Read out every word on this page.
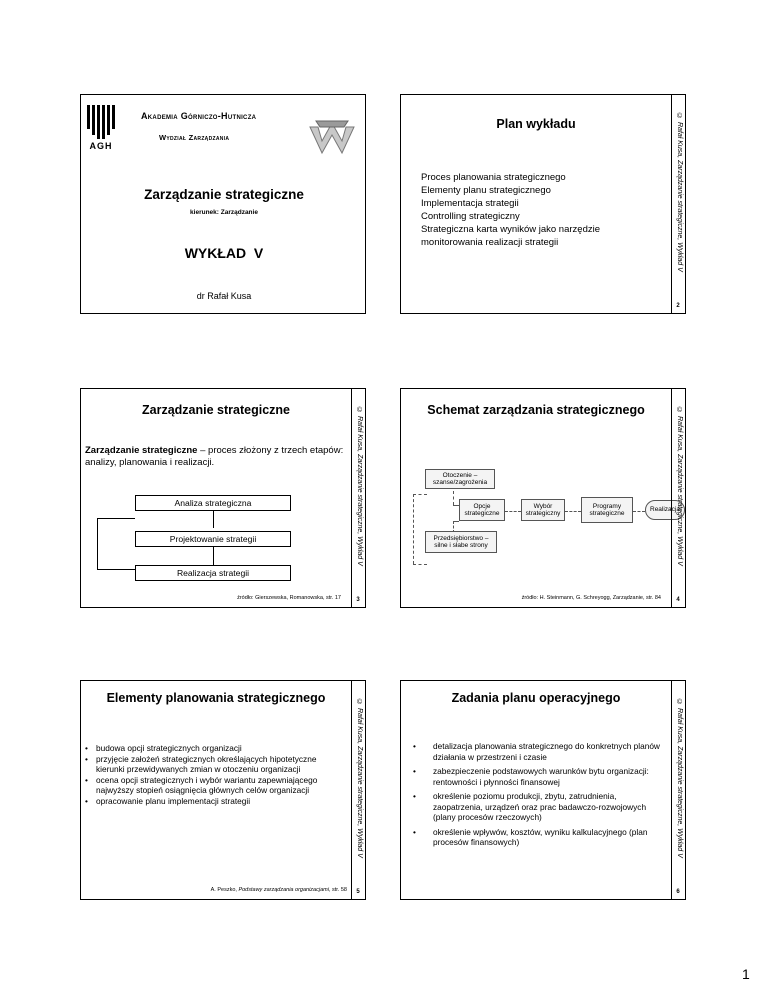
AGH
Akademia Górniczo-Hutnicza
Wydział Zarządzania
Zarządzanie strategiczne
kierunek: Zarządzanie
WYKŁAD  V
dr Rafał Kusa
Plan wykładu
Proces planowania strategicznego
Elementy planu strategicznego
Implementacja strategii
Controlling strategiczny
Strategiczna karta wyników jako narzędzie monitorowania realizacji strategii	© Rafał Kusa, Zarządzanie strategiczne, Wykład V
2
Zarządzanie strategiczne
Zarządzanie strategiczne – proces złożony z trzech etapów: analizy, planowania i realizacji.
Analiza strategiczna
Projektowanie strategii
Realizacja strategii
źródło: Gierszewska, Romanowska, str. 17
© Rafał Kusa, Zarządzanie strategiczne, Wykład V
3
Schemat zarządzania strategicznego
Otoczenie – szanse/zagrożenia
Opcje strategiczne
Wybór strategiczny
Programy strategiczne
Realizacja
Przedsiębiorstwo – silne i słabe strony
źródło: H. Steinmann, G. Schreyogg, Zarządzanie, str. 84
© Rafał Kusa, Zarządzanie strategiczne, Wykład V
4
Elementy planowania strategicznego
• budowa opcji strategicznych organizacji
• przyjęcie założeń strategicznych określających hipotetyczne kierunki przewidywanych zmian w otoczeniu organizacji
• ocena opcji strategicznych i wybór wariantu zapewniającego najwyższy stopień osiągnięcia głównych celów organizacji
• opracowanie planu implementacji strategii
A. Peszko, Podstawy zarządzania organizacjami, str. 58
© Rafał Kusa, Zarządzanie strategiczne, Wykład V
5
Zadania planu operacyjnego
• detalizacja planowania strategicznego do konkretnych planów działania w przestrzeni i czasie
• zabezpieczenie podstawowych warunków bytu organizacji: rentowności i płynności finansowej
• określenie poziomu produkcji, zbytu, zatrudnienia, zaopatrzenia, urządzeń oraz prac badawczo-rozwojowych (plany procesów rzeczowych)
• określenie wpływów, kosztów, wyniku kalkulacyjnego (plan procesów finansowych)	© Rafał Kusa, Zarządzanie strategiczne, Wykład V
6
1
